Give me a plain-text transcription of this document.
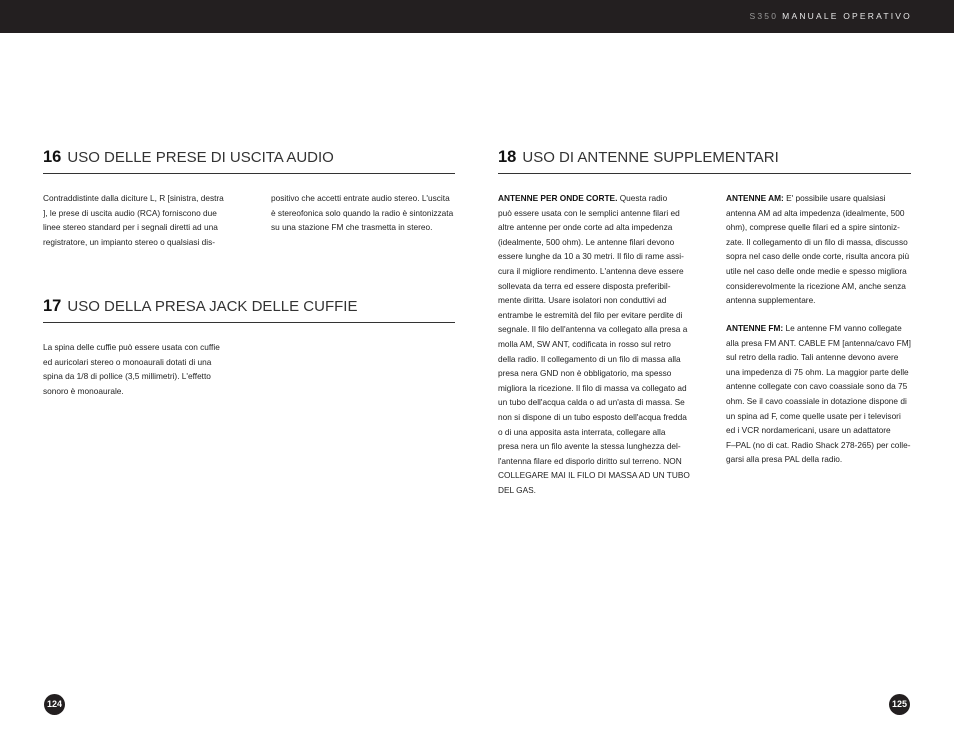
S350 MANUALE OPERATIVO
16 USO DELLE PRESE DI USCITA AUDIO
Contraddistinte dalla diciture L, R [sinistra, destra
], le prese di uscita audio (RCA) forniscono due
linee stereo standard per i segnali diretti ad una
registratore, un impianto stereo o qualsiasi dis-
positivo che accetti entrate audio stereo. L'uscita
è stereofonica solo quando la radio è sintonizzata
su una stazione FM che trasmetta in stereo.
17 USO DELLA PRESA JACK DELLE CUFFIE
La spina delle cuffie può essere usata con cuffie
ed auricolari stereo o monoaurali dotati di una
spina da 1/8 di pollice (3,5 millimetri). L'effetto
sonoro è monoaurale.
18 USO DI ANTENNE SUPPLEMENTARI
ANTENNE PER ONDE CORTE. Questa radio
può essere usata con le semplici antenne filari ed
altre antenne per onde corte ad alta impedenza
(idealmente, 500 ohm). Le antenne filari devono
essere lunghe da 10 a 30 metri. Il filo di rame assi-
cura il migliore rendimento. L'antenna deve essere
sollevata da terra ed essere disposta preferibil-
mente diritta. Usare isolatori non conduttivi ad
entrambe le estremità del filo per evitare perdite di
segnale. Il filo dell'antenna va collegato alla presa a
molla AM, SW ANT, codificata in rosso sul retro
della radio. Il collegamento di un filo di massa alla
presa nera GND non è obbligatorio, ma spesso
migliora la ricezione. Il filo di massa va collegato ad
un tubo dell'acqua calda o ad un'asta di massa. Se
non si dispone di un tubo esposto dell'acqua fredda
o di una apposita asta interrata, collegare alla
presa nera un filo avente la stessa lunghezza del-
l'antenna filare ed disporlo diritto sul terreno. NON
COLLEGARE MAI IL FILO DI MASSA AD UN TUBO
DEL GAS.
ANTENNE AM: E' possibile usare qualsiasi
antenna AM ad alta impedenza (idealmente, 500
ohm), comprese quelle filari ed a spire sintoniz-
zate. Il collegamento di un filo di massa, discusso
sopra nel caso delle onde corte, risulta ancora più
utile nel caso delle onde medie e spesso migliora
considerevolmente la ricezione AM, anche senza
antenna supplementare.
ANTENNE FM: Le antenne FM vanno collegate
alla presa FM ANT. CABLE FM [antenna/cavo FM]
sul retro della radio. Tali antenne devono avere
una impedenza di 75 ohm. La maggior parte delle
antenne collegate con cavo coassiale sono da 75
ohm. Se il cavo coassiale in dotazione dispone di
un spina ad F, come quelle usate per i televisori
ed i VCR nordamericani, usare un adattatore
F–PAL (no di cat. Radio Shack 278-265) per colle-
garsi alla presa PAL della radio.
124	125
